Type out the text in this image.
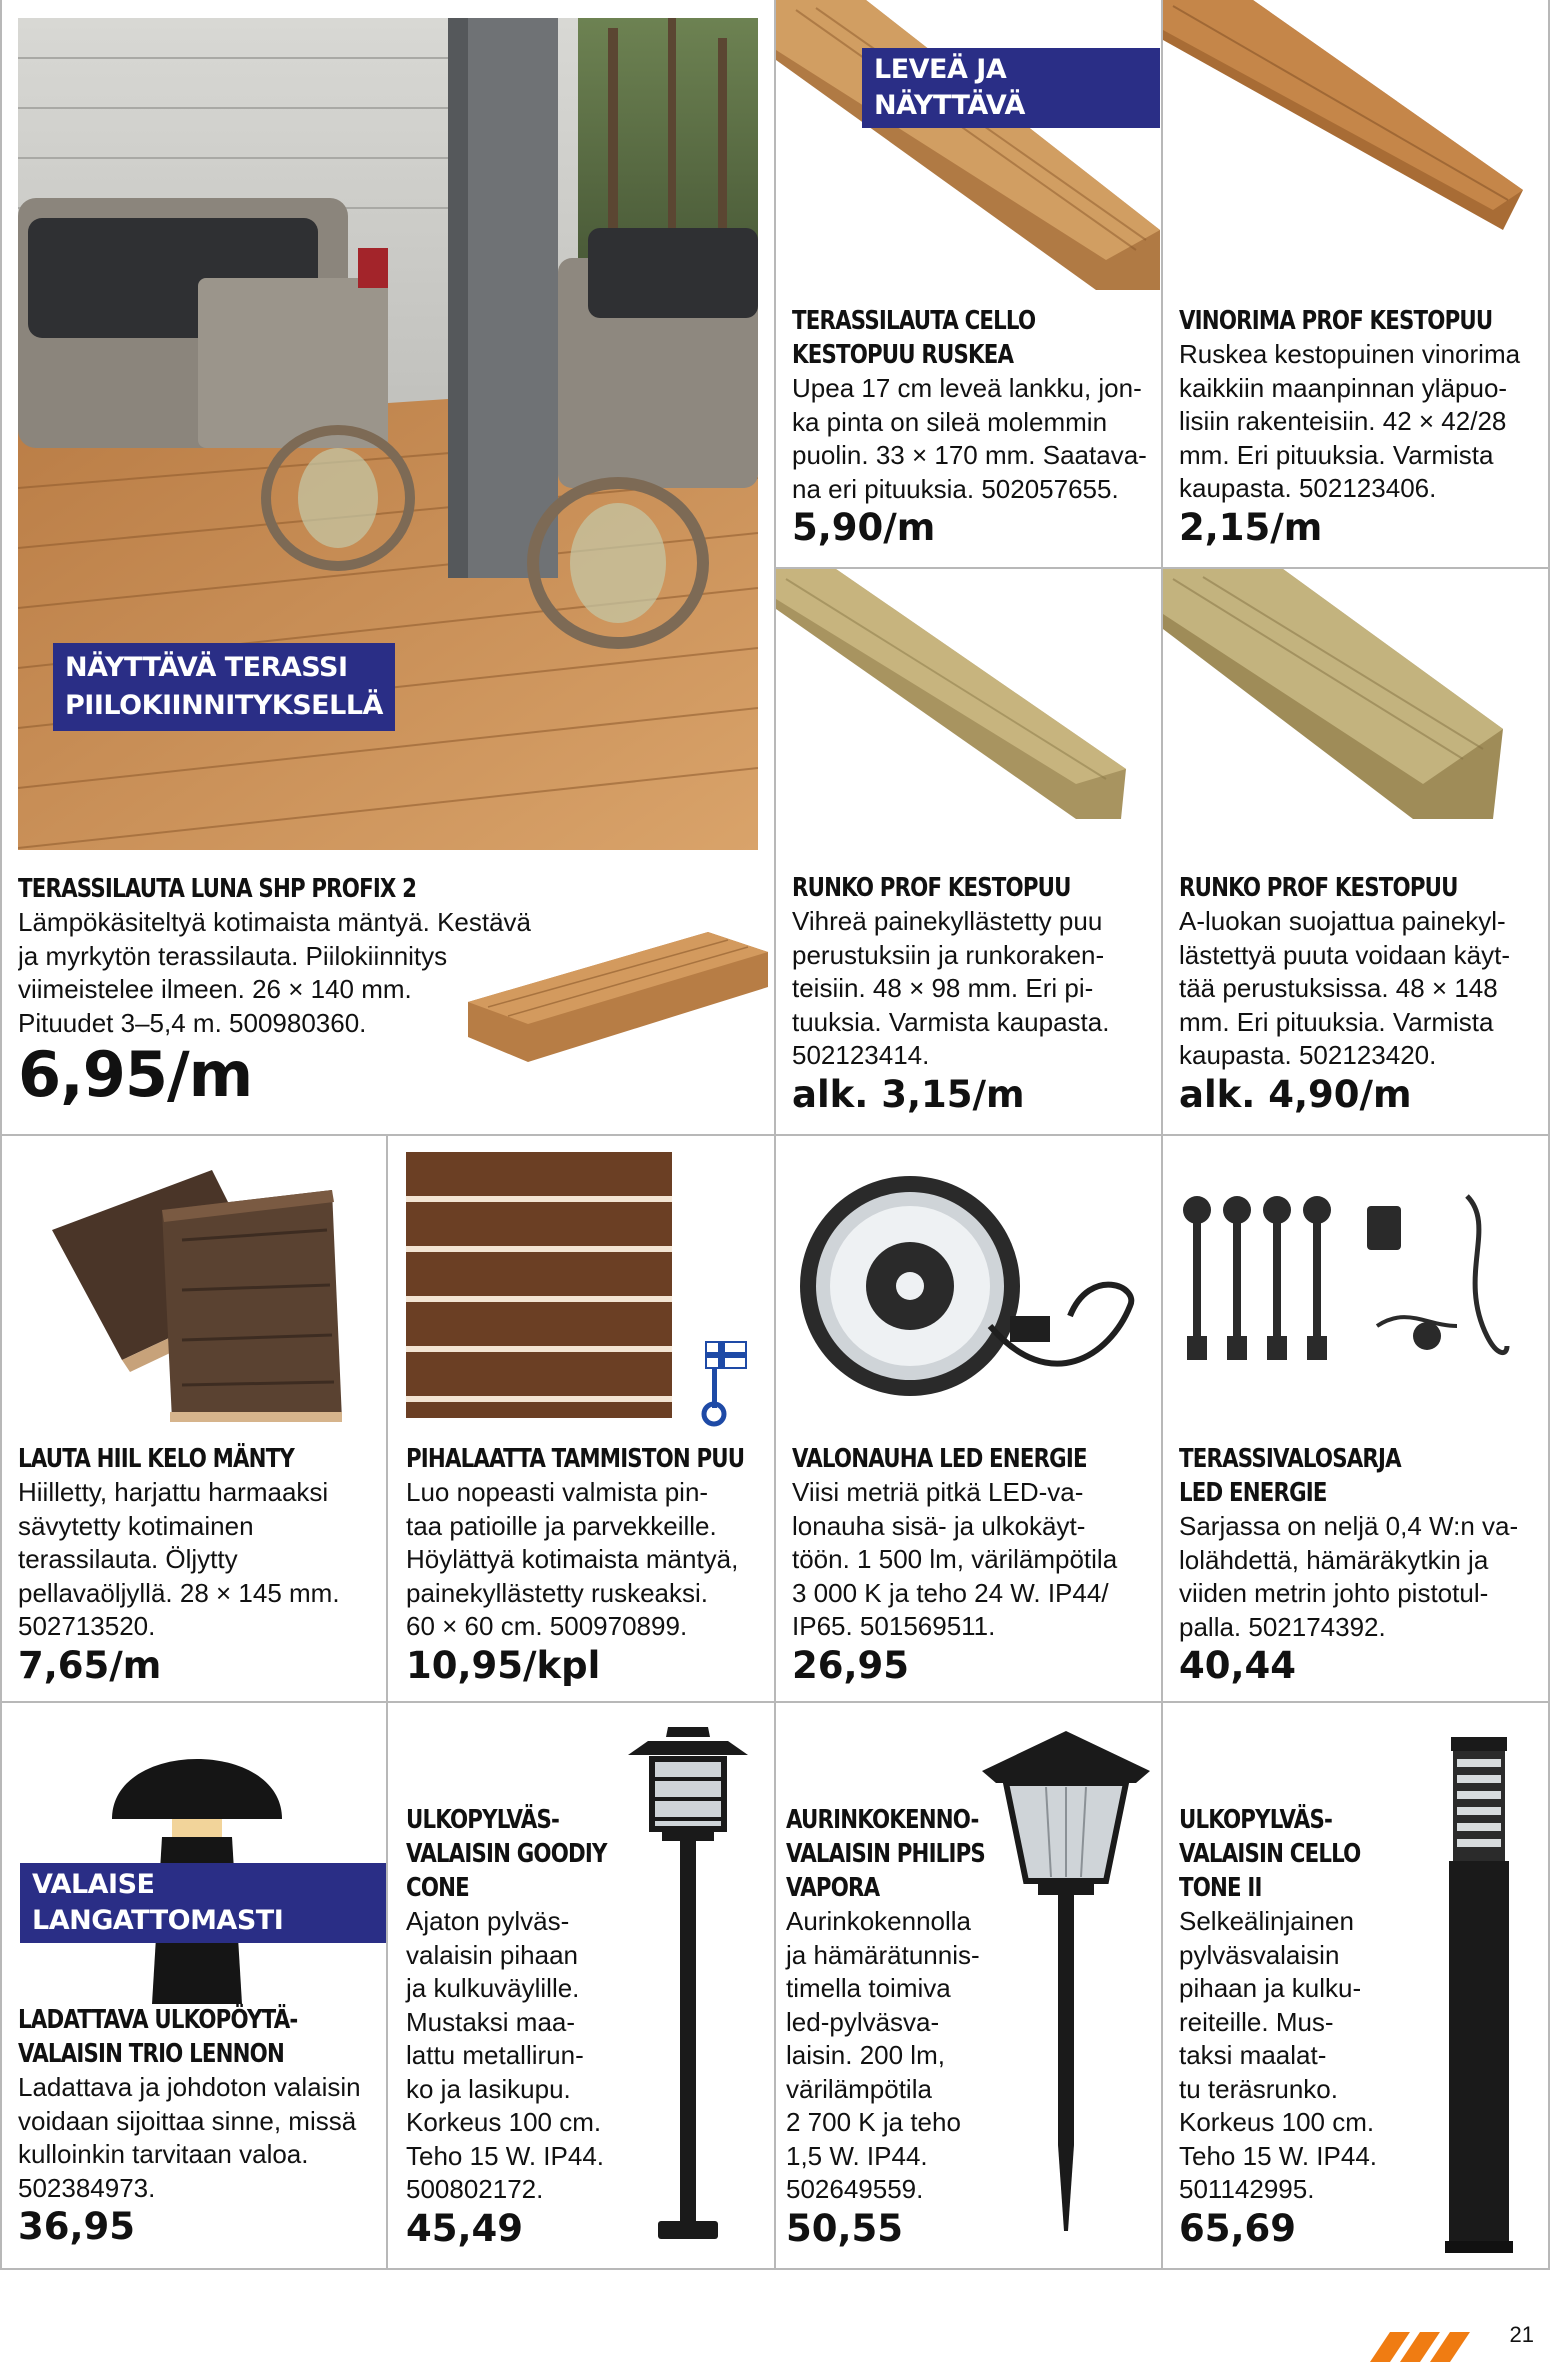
NÄYTTÄVÄ TERASSI
PIILOKIINNITYKSELLÄ
TERASSILAUTA LUNA SHP PROFIX 2
Lämpökäsiteltyä kotimaista mäntyä. Kestävä
ja myrkytön terassilauta. Piilokiinnitys
viimeistelee ilmeen. 26 × 140 mm.
Pituudet 3–5,4 m. 500980360.
6,95/m
LEVEÄ JA NÄYTTÄVÄ
TERASSILAUTA CELLO
KESTOPUU RUSKEA
Upea 17 cm leveä lankku, jon-
ka pinta on sileä molemmin
puolin. 33 × 170 mm. Saatava-
na eri pituuksia. 502057655.
5,90/m
VINORIMA PROF KESTOPUU
Ruskea kestopuinen vinorima
kaikkiin maanpinnan yläpuo-
lisiin rakenteisiin. 42 × 42/28
mm. Eri pituuksia. Varmista
kaupasta. 502123406.
2,15/m
RUNKO PROF KESTOPUU
Vihreä painekyllästetty puu
perustuksiin ja runkoraken-
teisiin. 48 × 98 mm. Eri pi-
tuuksia. Varmista kaupasta.
502123414.
alk. 3,15/m
RUNKO PROF KESTOPUU
A-luokan suojattua painekyl-
lästettyä puuta voidaan käyt-
tää perustuksissa. 48 × 148
mm. Eri pituuksia. Varmista
kaupasta. 502123420.
alk. 4,90/m
LAUTA HIIL KELO MÄNTY
Hiilletty, harjattu harmaaksi
sävytetty kotimainen
terassilauta. Öljytty
pellavaöljyllä. 28 × 145 mm.
502713520.
7,65/m
PIHALAATTA TAMMISTON PUU
Luo nopeasti valmista pin-
taa patioille ja parvekkeille.
Höylättyä kotimaista mäntyä,
painekyllästetty ruskeaksi.
60 × 60 cm. 500970899.
10,95/kpl
VALONAUHA LED ENERGIE
Viisi metriä pitkä LED-va-
lonauha sisä- ja ulkokäyt-
töön. 1 500 lm, värilämpötila
3 000 K ja teho 24 W. IP44/
IP65. 501569511.
26,95
TERASSIVALOSARJA
LED ENERGIE
Sarjassa on neljä 0,4 W:n va-
lolähdettä, hämäräkytkin ja
viiden metrin johto pistotul-
palla. 502174392.
40,44
VALAISE LANGATTOMASTI
LADATTAVA ULKOPÖYTÄ-
VALAISIN TRIO LENNON
Ladattava ja johdoton valaisin
voidaan sijoittaa sinne, missä
kulloinkin tarvitaan valoa.
502384973.
36,95
ULKOPYLVÄS-
VALAISIN GOODIY
CONE
Ajaton pylväs-
valaisin pihaan
ja kulkuväylille.
Mustaksi maa-
lattu metallirun-
ko ja lasikupu.
Korkeus 100 cm.
Teho 15 W. IP44.
500802172.
45,49
AURINKOKENNO-
VALAISIN PHILIPS
VAPORA
Aurinkokennolla
ja hämärätunnis-
timella toimiva
led-pylväsva-
laisin. 200 lm,
värilämpötila
2 700 K ja teho
1,5 W. IP44.
502649559.
50,55
ULKOPYLVÄS-
VALAISIN CELLO
TONE II
Selkeälinjainen
pylväsvalaisin
pihaan ja kulku-
reiteille. Mus-
taksi maalat-
tu teräsrunko.
Korkeus 100 cm.
Teho 15 W. IP44.
501142995.
65,69
21
